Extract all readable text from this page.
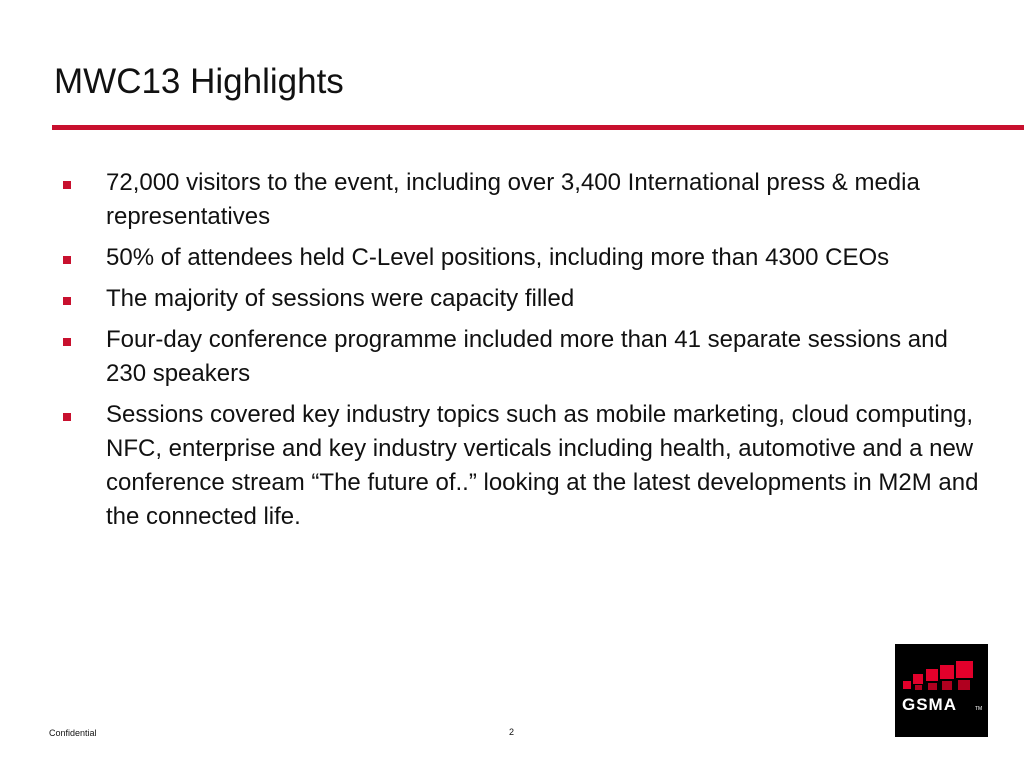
MWC13 Highlights
72,000 visitors to the event, including over 3,400 International press & media representatives
50% of attendees held C-Level positions, including more than 4300 CEOs
The majority of sessions were capacity filled
Four-day conference programme included more than 41 separate sessions and 230 speakers
Sessions covered key industry topics such as mobile marketing, cloud computing, NFC, enterprise and key industry verticals including health, automotive and a new conference stream “The future of..” looking at the latest developments in M2M and the connected life.
Confidential	2
GSMA	TM
